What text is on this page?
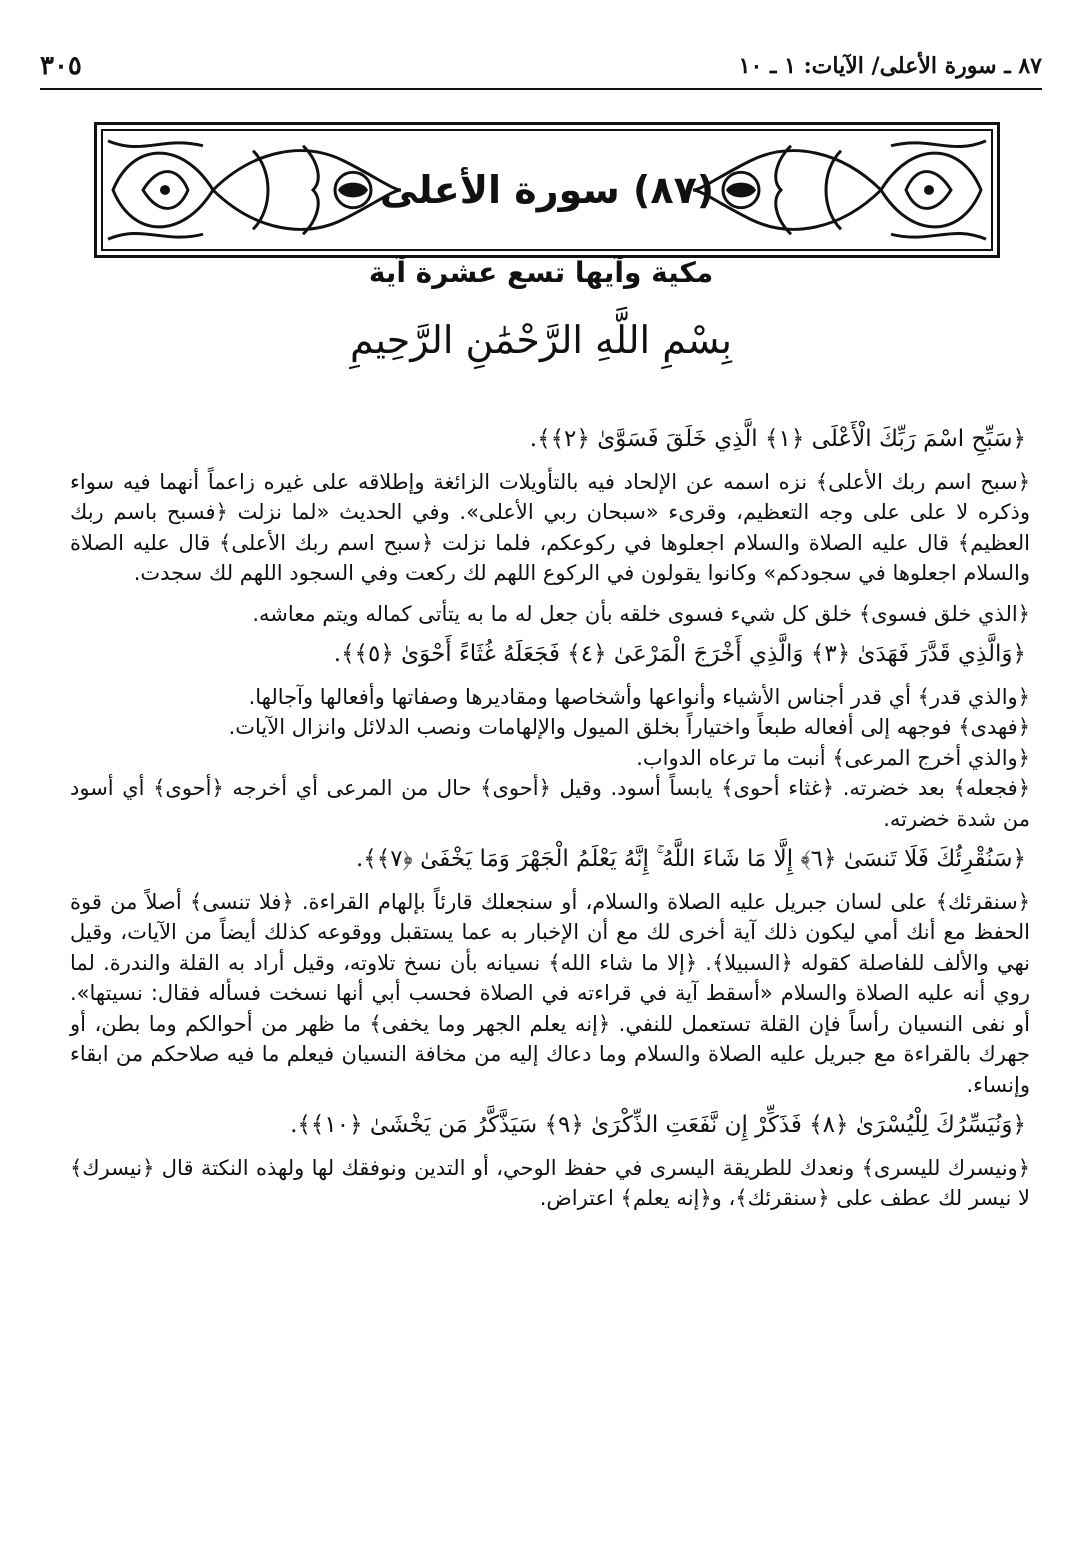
٣٠٥	٨٧ ـ سورة الأعلى/ الآيات: ١ ـ ١٠
(٨٧) سورة الأعلى
مكية وآيها تسع عشرة آية
بِسْمِ اللَّهِ الرَّحْمَٰنِ الرَّحِيمِ

﴿سَبِّحِ اسْمَ رَبِّكَ الْأَعْلَى ﴿١﴾ الَّذِي خَلَقَ فَسَوَّىٰ ﴿٢﴾﴾.

﴿سبح اسم ربك الأعلى﴾ نزه اسمه عن الإلحاد فيه بالتأويلات الزائغة وإطلاقه على غيره زاعماً أنهما فيه سواء وذكره لا على على وجه التعظيم، وقرىء «سبحان ربي الأعلى». وفي الحديث «لما نزلت ﴿فسبح باسم ربك العظيم﴾ قال عليه الصلاة والسلام اجعلوها في ركوعكم، فلما نزلت ﴿سبح اسم ربك الأعلى﴾ قال عليه الصلاة والسلام اجعلوها في سجودكم» وكانوا يقولون في الركوع اللهم لك ركعت وفي السجود اللهم لك سجدت.

﴿الذي خلق فسوى﴾ خلق كل شيء فسوى خلقه بأن جعل له ما به يتأتى كماله ويتم معاشه.

﴿وَالَّذِي قَدَّرَ فَهَدَىٰ ﴿٣﴾ وَالَّذِي أَخْرَجَ الْمَرْعَىٰ ﴿٤﴾ فَجَعَلَهُ غُثَاءً أَحْوَىٰ ﴿٥﴾﴾.

﴿والذي قدر﴾ أي قدر أجناس الأشياء وأنواعها وأشخاصها ومقاديرها وصفاتها وأفعالها وآجالها.

﴿فهدى﴾ فوجهه إلى أفعاله طبعاً واختياراً بخلق الميول والإلهامات ونصب الدلائل وانزال الآيات.

﴿والذي أخرج المرعى﴾ أنبت ما ترعاه الدواب.

﴿فجعله﴾ بعد خضرته. ﴿غثاء أحوى﴾ يابساً أسود. وقيل ﴿أحوى﴾ حال من المرعى أي أخرجه ﴿أحوى﴾ أي أسود من شدة خضرته.

﴿سَنُقْرِئُكَ فَلَا تَنسَىٰ ﴿٦﴾ إِلَّا مَا شَاءَ اللَّهُ ۚ إِنَّهُ يَعْلَمُ الْجَهْرَ وَمَا يَخْفَىٰ ﴿٧﴾﴾.

﴿سنقرئك﴾ على لسان جبريل عليه الصلاة والسلام، أو سنجعلك قارئاً بإلهام القراءة. ﴿فلا تنسى﴾ أصلاً من قوة الحفظ مع أنك أمي ليكون ذلك آية أخرى لك مع أن الإخبار به عما يستقبل ووقوعه كذلك أيضاً من الآيات، وقيل نهي والألف للفاصلة كقوله ﴿السبيلا﴾. ﴿إلا ما شاء الله﴾ نسيانه بأن نسخ تلاوته، وقيل أراد به القلة والندرة. لما روي أنه عليه الصلاة والسلام «أسقط آية في قراءته في الصلاة فحسب أبي أنها نسخت فسأله فقال: نسيتها». أو نفى النسيان رأساً فإن القلة تستعمل للنفي. ﴿إنه يعلم الجهر وما يخفى﴾ ما ظهر من أحوالكم وما بطن، أو جهرك بالقراءة مع جبريل عليه الصلاة والسلام وما دعاك إليه من مخافة النسيان فيعلم ما فيه صلاحكم من ابقاء وإنساء.

﴿وَنُيَسِّرُكَ لِلْيُسْرَىٰ ﴿٨﴾ فَذَكِّرْ إِن نَّفَعَتِ الذِّكْرَىٰ ﴿٩﴾ سَيَذَّكَّرُ مَن يَخْشَىٰ ﴿١٠﴾﴾.

﴿ونيسرك لليسرى﴾ ونعدك للطريقة اليسرى في حفظ الوحي، أو التدين ونوفقك لها ولهذه النكتة قال ﴿نيسرك﴾ لا نيسر لك عطف على ﴿سنقرئك﴾، و﴿إنه يعلم﴾ اعتراض.
